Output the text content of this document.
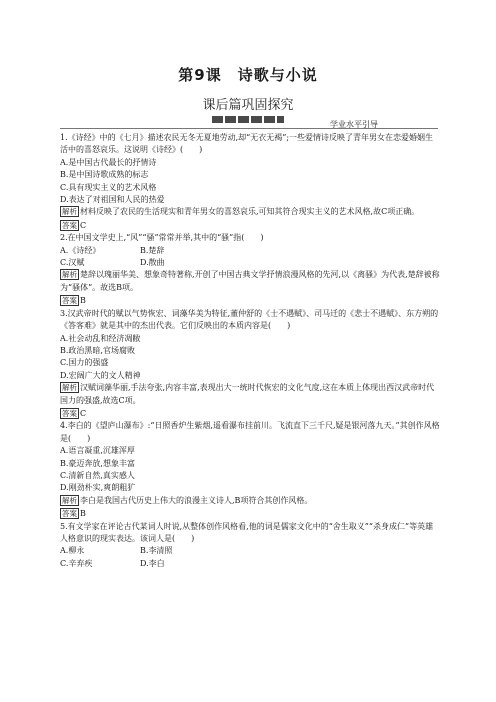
第9课　诗歌与小说
课后篇巩固探究
学业水平引导

1.《诗经》中的《七月》描述农民无冬无夏地劳动,却“无衣无褐”;一些爱情诗反映了青年男女在恋爱婚姻生活中的喜怒哀乐。这说明《诗经》(　　)

A.是中国古代最长的抒情诗

B.是中国诗歌成熟的标志

C.具有现实主义的艺术风格

D.表达了对祖国和人民的热爱

解析 材料反映了农民的生活现实和青年男女的喜怒哀乐,可知其符合现实主义的艺术风格,故C项正确。

答案 C

2.在中国文学史上,“风”“骚”常常并举,其中的“骚”指(　　)

A.《诗经》	B.楚辞

C.汉赋	D.散曲

解析 楚辞以瑰丽华美、想象奇特著称,开创了中国古典文学抒情浪漫风格的先河,以《离骚》为代表,楚辞被称为“骚体”。故选B项。

答案 B

3.汉武帝时代的赋以气势恢宏、词藻华美为特征,董仲舒的《士不遇赋》、司马迁的《悲士不遇赋》、东方朔的《答客难》就是其中的杰出代表。它们反映出的本质内容是(　　)

A.社会动乱和经济凋敝

B.政治黑暗,官场腐败

C.国力的强盛

D.宏阔广大的文人精神

解析 汉赋词藻华丽,手法夸张,内容丰富,表现出大一统时代恢宏的文化气度,这在本质上体现出西汉武帝时代国力的强盛,故选C项。

答案 C

4.李白的《望庐山瀑布》:“日照香炉生紫烟,遥看瀑布挂前川。飞流直下三千尺,疑是银河落九天。”其创作风格是(　　)

A.语言凝重,沉雄浑厚

B.豪迈奔放,想象丰富

C.清新自然,真实感人

D.刚劲朴实,爽朗粗犷

解析 李白是我国古代历史上伟大的浪漫主义诗人,B项符合其创作风格。

答案 B

5.有文学家在评论古代某词人时说,从整体创作风格看,他的词是儒家文化中的“舍生取义”“杀身成仁”等英雄人格意识的现实表达。该词人是(　　)

A.柳永	B.李清照

C.辛弃疾	D.李白
